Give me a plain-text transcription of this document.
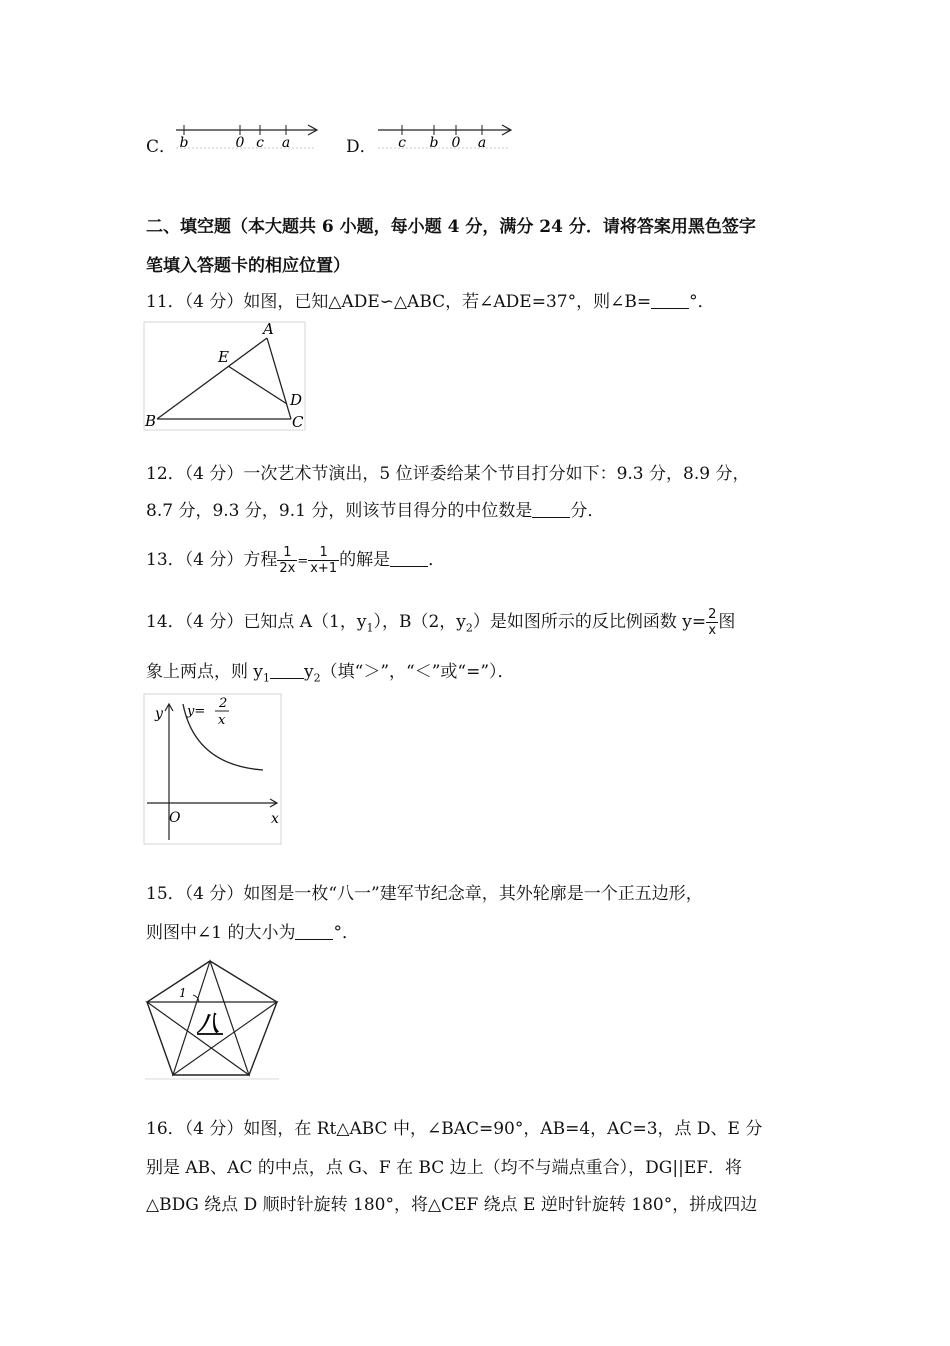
C． b	0 c a	D． c b 0 a
二、填空题（本大题共 6 小题，每小题 4 分，满分 24 分．请将答案用黑色签字
笔填入答题卡的相应位置）
11．（4 分）如图，已知△ADE∽△ABC，若∠ADE=37°，则∠B= °．
A
E
D
B	C
12．（4 分）一次艺术节演出，5 位评委给某个节目打分如下：9.3 分，8.9 分，
8.7 分，9.3 分，9.1 分，则该节目得分的中位数是 分．
13．（4 分）方程 $\frac{1}{2x} = \frac{1}{x+1}$ 的解是 ．
14．（4 分）已知点 A（1，$y_1$），B（2，$y_2$）是如图所示的反比例函数 $y= \frac{2}{x}$ 图
象上两点，则 $y_1$ $y_2$（填“＞”，“＜”或“=”）．
y
x
O
y=
2
x
15．（4 分）如图是一枚“八一”建军节纪念章，其外轮廓是一个正五边形，
则图中∠1 的大小为 °．
1
八
16．（4 分）如图，在 Rt△ABC 中，∠BAC=90°，AB=4，AC=3，点 D、E 分
别是 AB、AC 的中点，点 G、F 在 BC 边上（均不与端点重合），DG||EF．将
△BDG 绕点 D 顺时针旋转 180°，将△CEF 绕点 E 逆时针旋转 180°，拼成四边
